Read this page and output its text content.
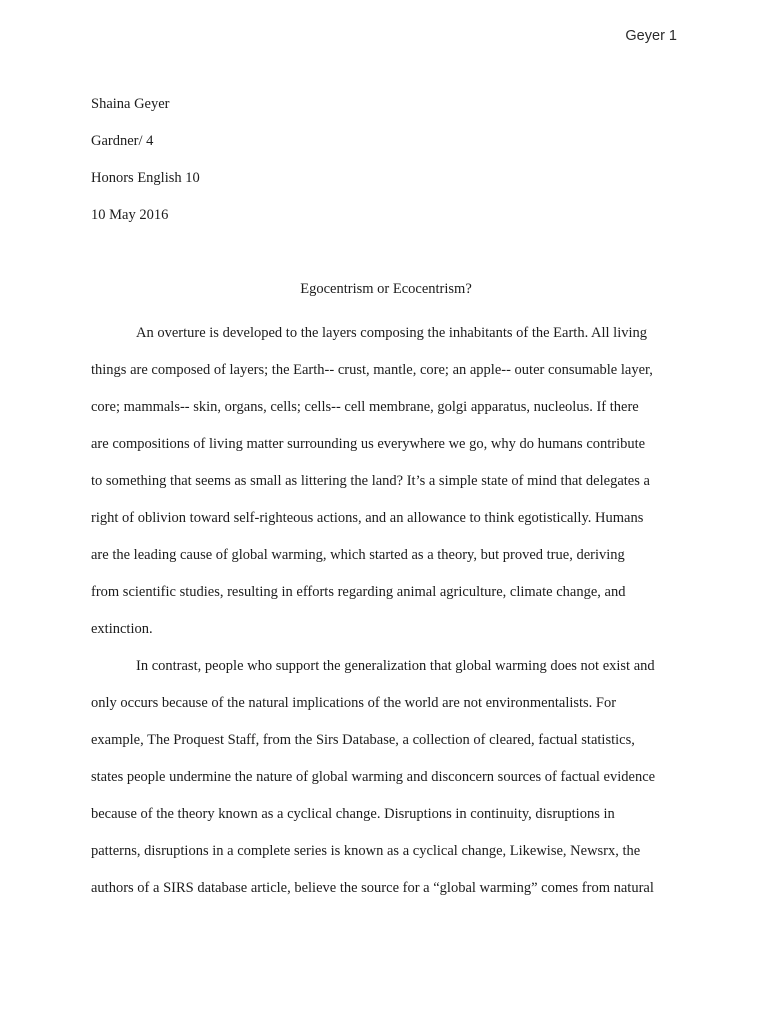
Geyer 1
Shaina Geyer
Gardner/ 4
Honors English 10
10 May 2016
Egocentrism or Ecocentrism?
An overture is developed to the layers composing the inhabitants of the Earth. All living
things are composed of layers; the Earth-- crust, mantle, core; an apple-- outer consumable layer,
core; mammals-- skin, organs, cells; cells-- cell membrane, golgi apparatus, nucleolus. If there
are compositions of living matter surrounding us everywhere we go, why do humans contribute
to something that seems as small as littering the land? It’s a simple state of mind that delegates a
right of oblivion toward self-righteous actions, and an allowance to think egotistically. Humans
are the leading cause of global warming, which started as a theory, but proved true, deriving
from scientific studies, resulting in efforts regarding animal agriculture, climate change, and
extinction.
In contrast, people who support the generalization that global warming does not exist and
only occurs because of the natural implications of the world are not environmentalists. For
example, The Proquest Staff, from the Sirs Database, a collection of cleared, factual statistics,
states people undermine the nature of global warming and disconcern sources of factual evidence
because of the theory known as a cyclical change. Disruptions in continuity, disruptions in
patterns, disruptions in a complete series is known as a cyclical change, Likewise, Newsrx, the
authors of a SIRS database article, believe the source for a “global warming” comes from natural
